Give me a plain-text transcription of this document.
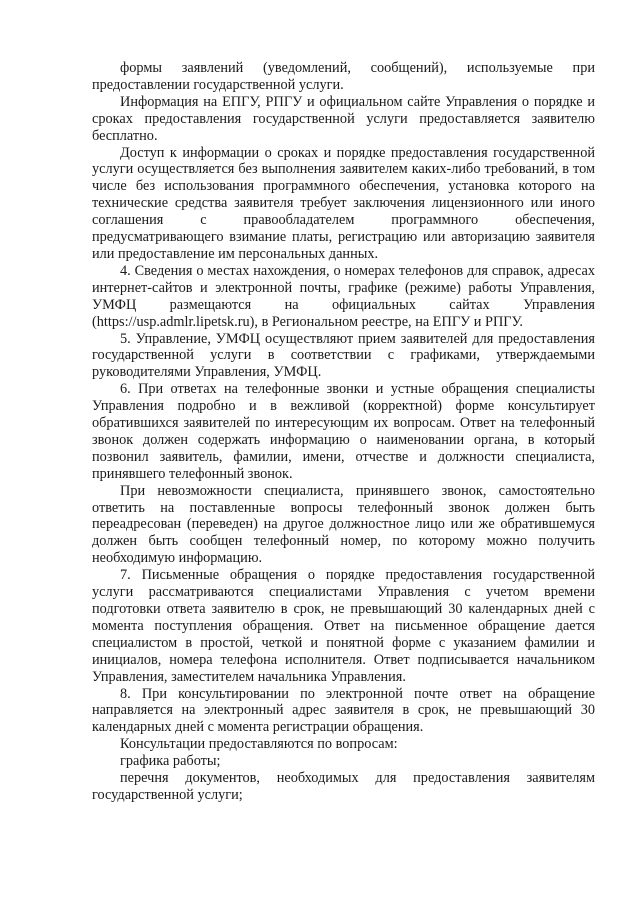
формы заявлений (уведомлений, сообщений), используемые при предоставлении государственной услуги.

Информация на ЕПГУ, РПГУ и официальном сайте Управления о порядке и сроках предоставления государственной услуги предоставляется заявителю бесплатно.

Доступ к информации о сроках и порядке предоставления государственной услуги осуществляется без выполнения заявителем каких-либо требований, в том числе без использования программного обеспечения, установка которого на технические средства заявителя требует заключения лицензионного или иного соглашения с правообладателем программного обеспечения, предусматривающего взимание платы, регистрацию или авторизацию заявителя или предоставление им персональных данных.

4. Сведения о местах нахождения, о номерах телефонов для справок, адресах интернет-сайтов и электронной почты, графике (режиме) работы Управления, УМФЦ размещаются на официальных сайтах Управления (https://usp.admlr.lipetsk.ru), в Региональном реестре, на ЕПГУ и РПГУ.

5. Управление, УМФЦ осуществляют прием заявителей для предоставления государственной услуги в соответствии с графиками, утверждаемыми руководителями Управления, УМФЦ.

6. При ответах на телефонные звонки и устные обращения специалисты Управления подробно и в вежливой (корректной) форме консультирует обратившихся заявителей по интересующим их вопросам. Ответ на телефонный звонок должен содержать информацию о наименовании органа, в который позвонил заявитель, фамилии, имени, отчестве и должности специалиста, принявшего телефонный звонок.

При невозможности специалиста, принявшего звонок, самостоятельно ответить на поставленные вопросы телефонный звонок должен быть переадресован (переведен) на другое должностное лицо или же обратившемуся должен быть сообщен телефонный номер, по которому можно получить необходимую информацию.

7. Письменные обращения о порядке предоставления государственной услуги рассматриваются специалистами Управления с учетом времени подготовки ответа заявителю в срок, не превышающий 30 календарных дней с момента поступления обращения. Ответ на письменное обращение дается специалистом в простой, четкой и понятной форме с указанием фамилии и инициалов, номера телефона исполнителя. Ответ подписывается начальником Управления, заместителем начальника Управления.

8. При консультировании по электронной почте ответ на обращение направляется на электронный адрес заявителя в срок, не превышающий 30 календарных дней с момента регистрации обращения.

Консультации предоставляются по вопросам:

графика работы;

перечня документов, необходимых для предоставления заявителям государственной услуги;
